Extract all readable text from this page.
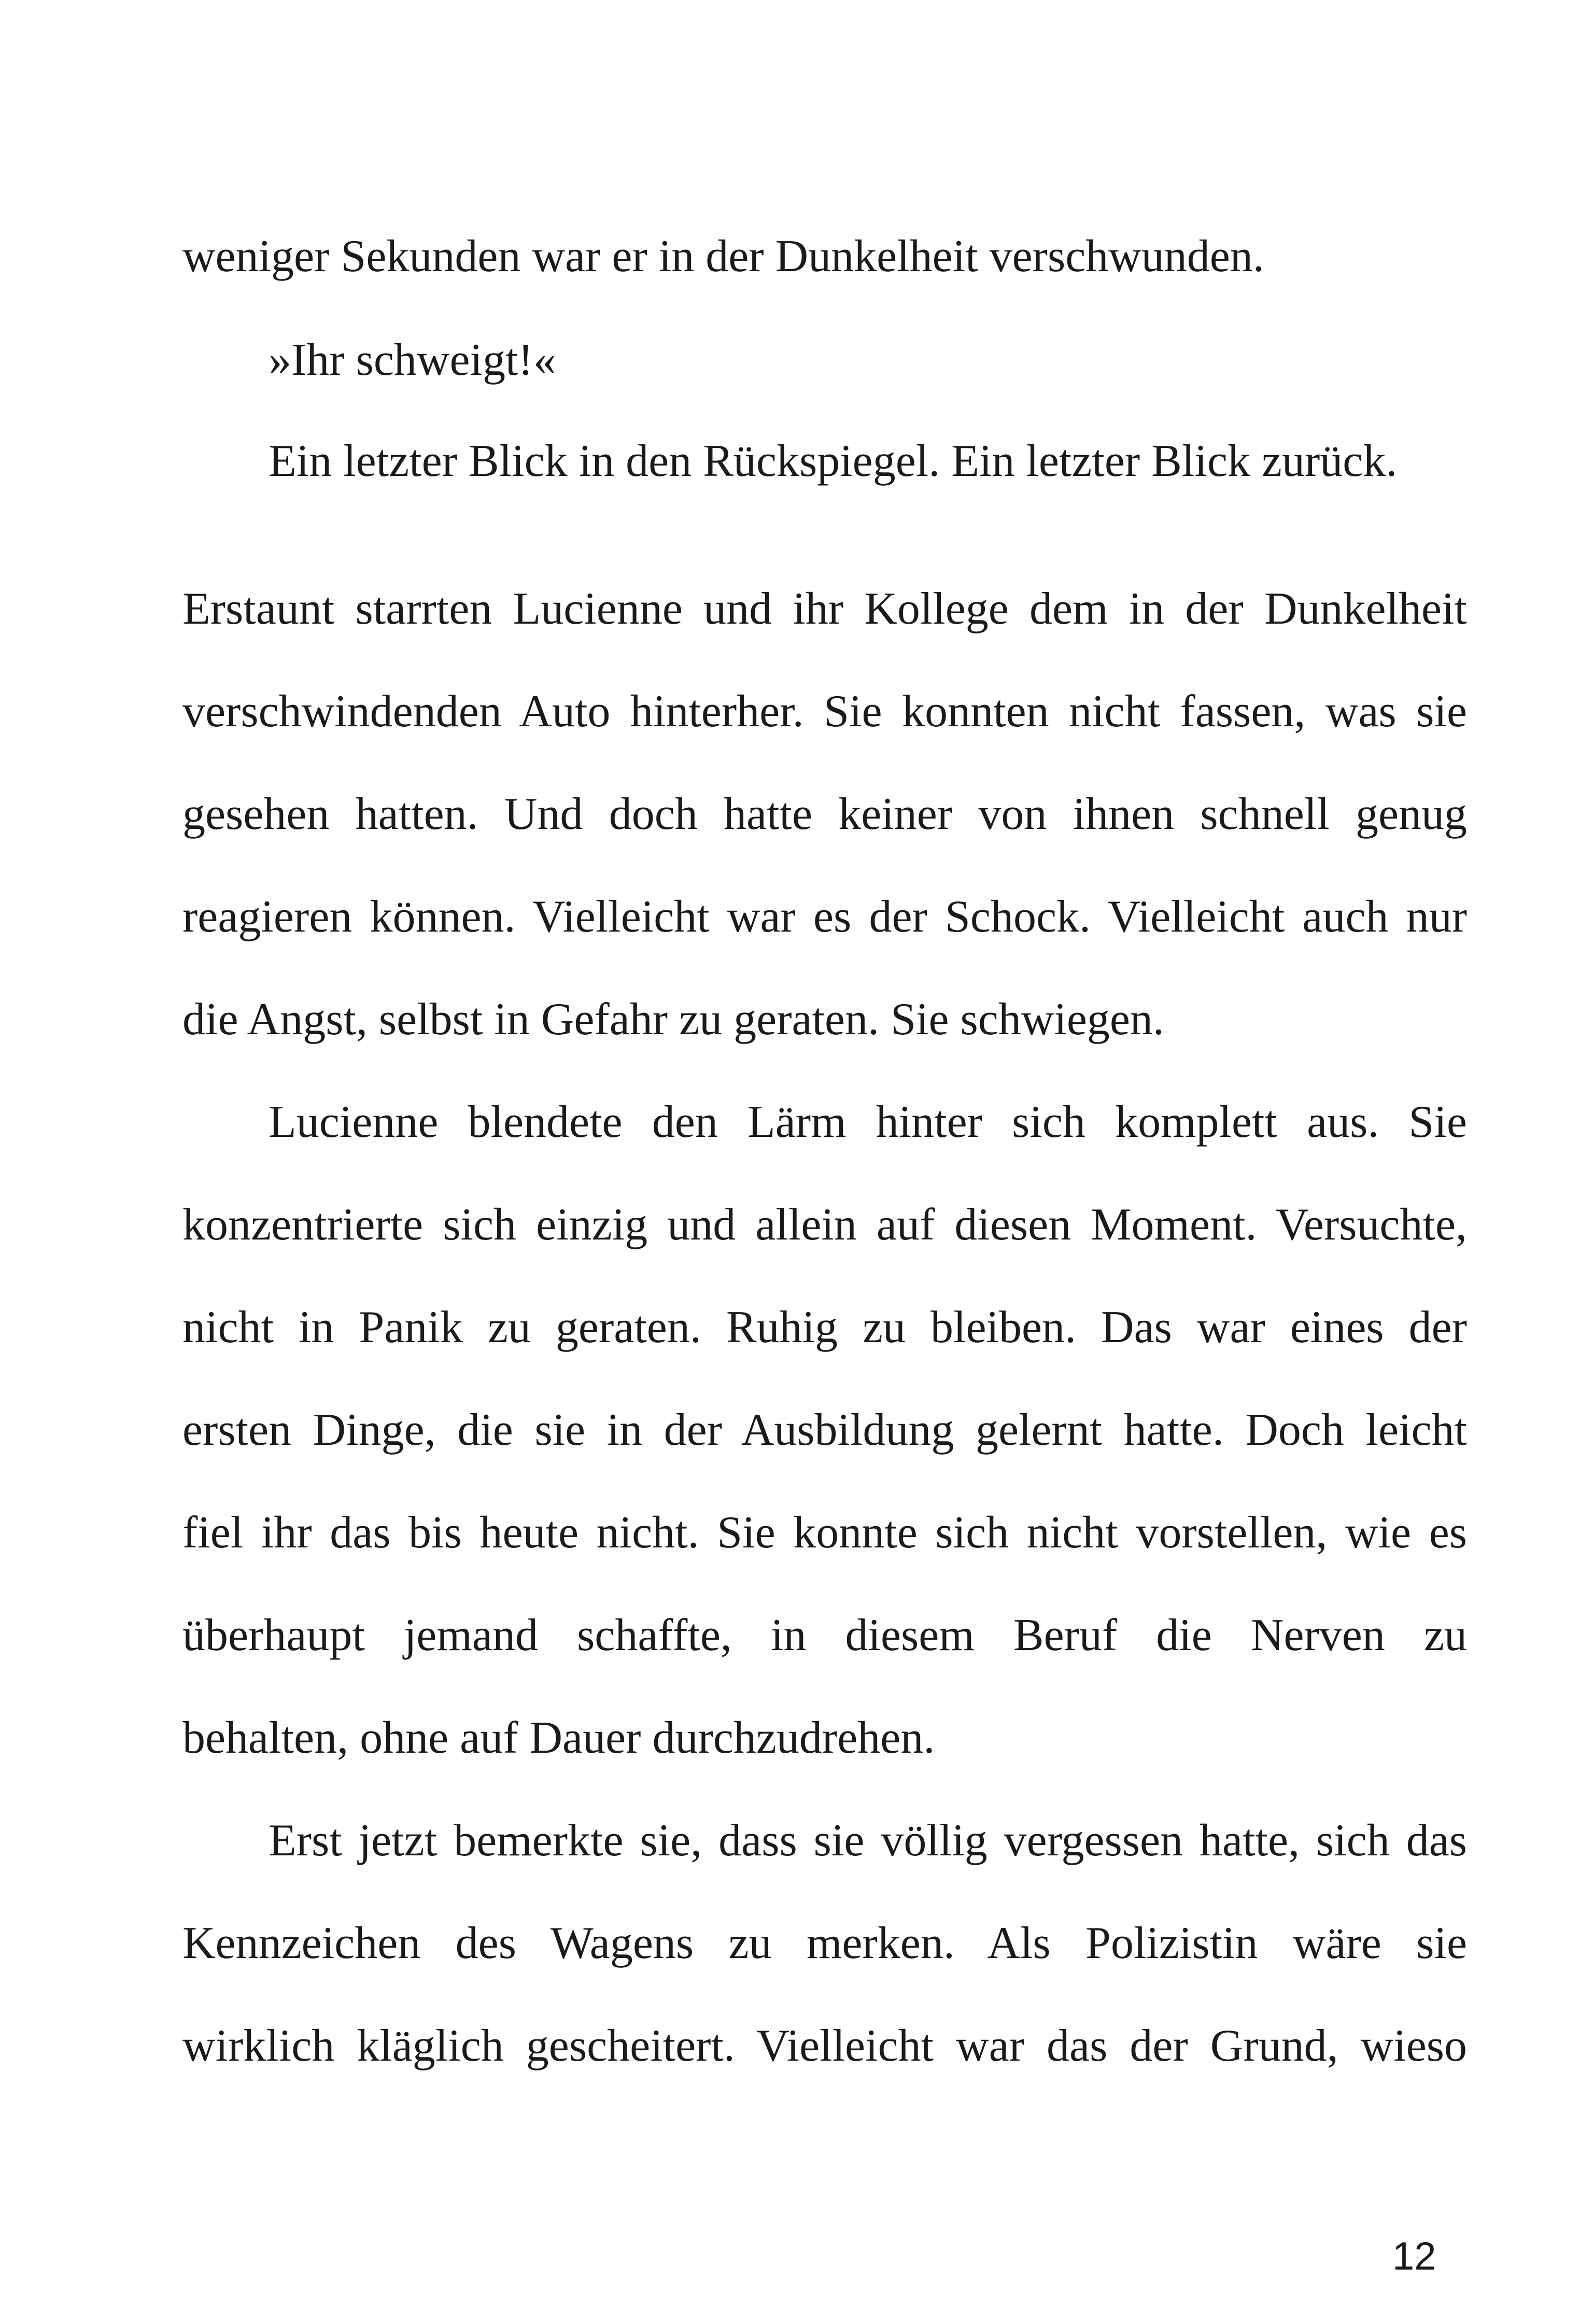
weniger Sekunden war er in der Dunkelheit verschwunden.

»Ihr schweigt!«

Ein letzter Blick in den Rückspiegel. Ein letzter Blick zurück.

Erstaunt starrten Lucienne und ihr Kollege dem in der Dunkelheit

verschwindenden Auto hinterher. Sie konnten nicht fassen, was sie

gesehen hatten. Und doch hatte keiner von ihnen schnell genug

reagieren können. Vielleicht war es der Schock. Vielleicht auch nur

die Angst, selbst in Gefahr zu geraten. Sie schwiegen.

Lucienne blendete den Lärm hinter sich komplett aus. Sie

konzentrierte sich einzig und allein auf diesen Moment. Versuchte,

nicht in Panik zu geraten. Ruhig zu bleiben. Das war eines der

ersten Dinge, die sie in der Ausbildung gelernt hatte. Doch leicht

fiel ihr das bis heute nicht. Sie konnte sich nicht vorstellen, wie es

überhaupt jemand schaffte, in diesem Beruf die Nerven zu

behalten, ohne auf Dauer durchzudrehen.

Erst jetzt bemerkte sie, dass sie völlig vergessen hatte, sich das

Kennzeichen des Wagens zu merken. Als Polizistin wäre sie

wirklich kläglich gescheitert. Vielleicht war das der Grund, wieso

12
